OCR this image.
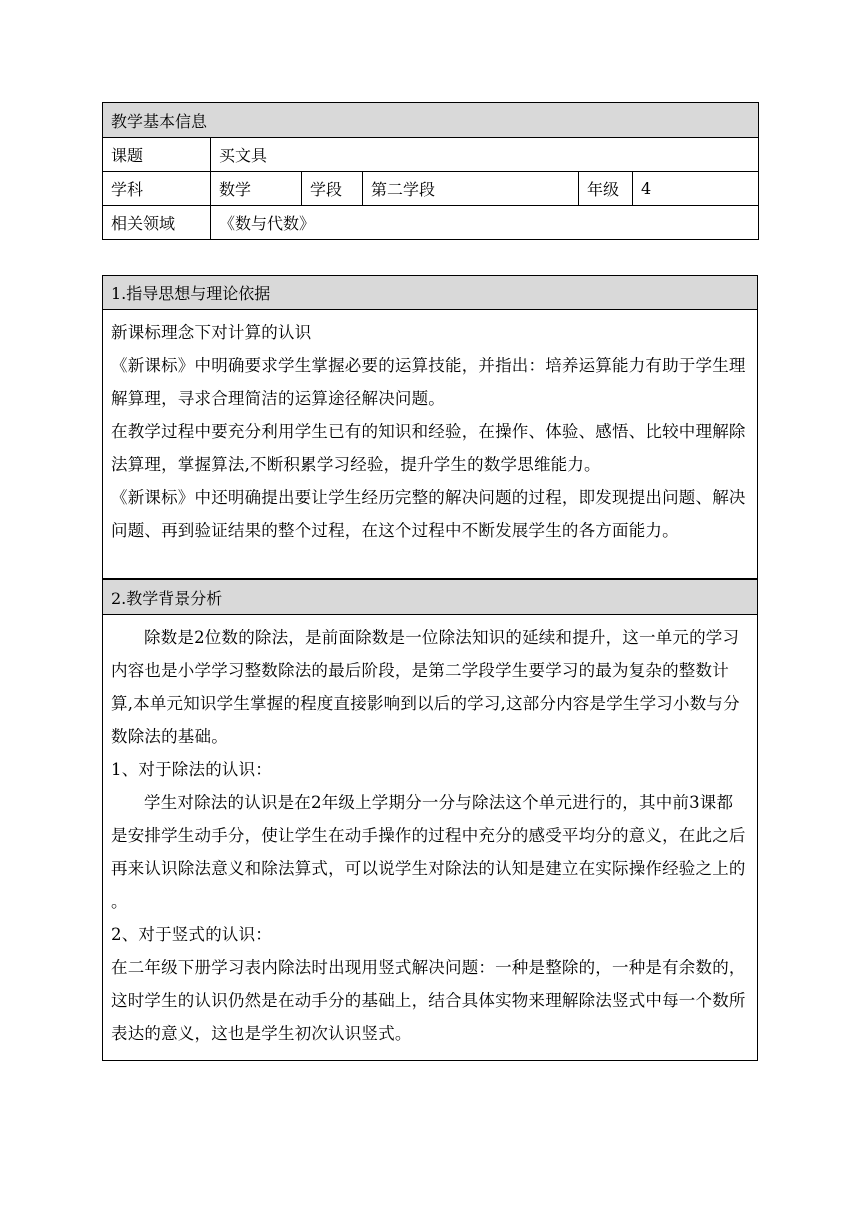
教学基本信息					
课题	买文具				
学科	数学	学段	第二学段	年级	4
相关领域	《数与代数》				
1.指导思想与理论依据

新课标理念下对计算的认识

《新课标》中明确要求学生掌握必要的运算技能，并指出：培养运算能力有助于学生理解算理，寻求合理简洁的运算途径解决问题。

在教学过程中要充分利用学生已有的知识和经验，在操作、体验、感悟、比较中理解除法算理，掌握算法,不断积累学习经验，提升学生的数学思维能力。

《新课标》中还明确提出要让学生经历完整的解决问题的过程，即发现提出问题、解决问题、再到验证结果的整个过程，在这个过程中不断发展学生的各方面能力。

2.教学背景分析

除数是2位数的除法，是前面除数是一位除法知识的延续和提升，这一单元的学习内容也是小学学习整数除法的最后阶段，是第二学段学生要学习的最为复杂的整数计算,本单元知识学生掌握的程度直接影响到以后的学习,这部分内容是学生学习小数与分数除法的基础。

1、对于除法的认识：

学生对除法的认识是在2年级上学期分一分与除法这个单元进行的，其中前3课都是安排学生动手分，使让学生在动手操作的过程中充分的感受平均分的意义，在此之后再来认识除法意义和除法算式，可以说学生对除法的认知是建立在实际操作经验之上的 。

2、对于竖式的认识：

在二年级下册学习表内除法时出现用竖式解决问题：一种是整除的，一种是有余数的，这时学生的认识仍然是在动手分的基础上，结合具体实物来理解除法竖式中每一个数所表达的意义，这也是学生初次认识竖式。
